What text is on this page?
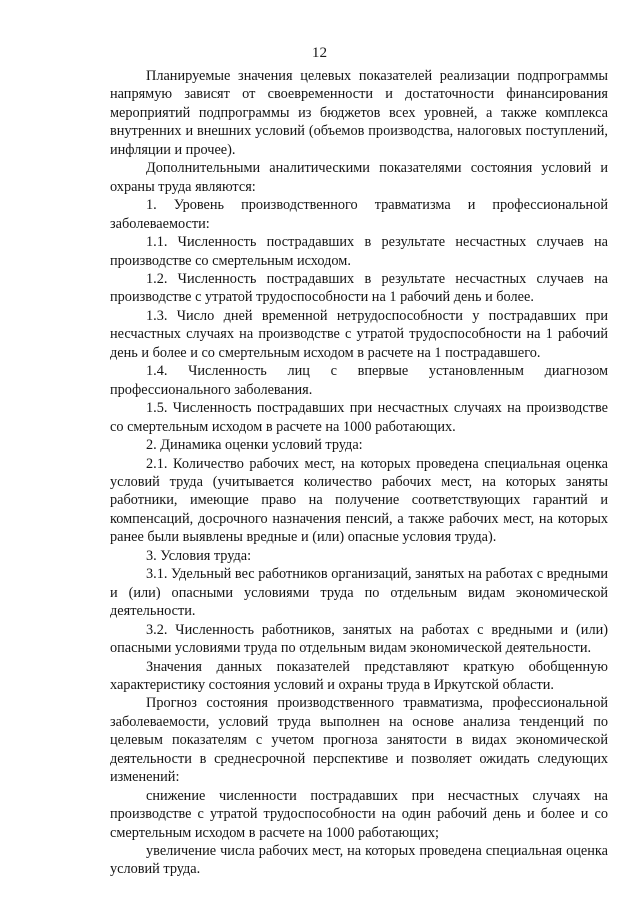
12

Планируемые значения целевых показателей реализации подпрограммы напрямую зависят от своевременности и достаточности финансирования мероприятий подпрограммы из бюджетов всех уровней, а также комплекса внутренних и внешних условий (объемов производства, налоговых поступлений, инфляции и прочее).

Дополнительными аналитическими показателями состояния условий и охраны труда являются:

1. Уровень производственного травматизма и профессиональной заболеваемости:

1.1. Численность пострадавших в результате несчастных случаев на производстве со смертельным исходом.

1.2. Численность пострадавших в результате несчастных случаев на производстве с утратой трудоспособности на 1 рабочий день и более.

1.3. Число дней временной нетрудоспособности у пострадавших при несчастных случаях на производстве с утратой трудоспособности на 1 рабочий день и более и со смертельным исходом в расчете на 1 пострадавшего.

1.4. Численность лиц с впервые установленным диагнозом профессионального заболевания.

1.5. Численность пострадавших при несчастных случаях на производстве со смертельным исходом в расчете на 1000 работающих.

2. Динамика оценки условий труда:

2.1. Количество рабочих мест, на которых проведена специальная оценка условий труда (учитывается количество рабочих мест, на которых заняты работники, имеющие право на получение соответствующих гарантий и компенсаций, досрочного назначения пенсий, а также рабочих мест, на которых ранее были выявлены вредные и (или) опасные условия труда).

3. Условия труда:

3.1. Удельный вес работников организаций, занятых на работах с вредными и (или) опасными условиями труда по отдельным видам экономической деятельности.

3.2. Численность работников, занятых на работах с вредными и (или) опасными условиями труда по отдельным видам экономической деятельности.

Значения данных показателей представляют краткую обобщенную характеристику состояния условий и охраны труда в Иркутской области.

Прогноз состояния производственного травматизма, профессиональной заболеваемости, условий труда выполнен на основе анализа тенденций по целевым показателям с учетом прогноза занятости в видах экономической деятельности в среднесрочной перспективе и позволяет ожидать следующих изменений:

снижение численности пострадавших при несчастных случаях на производстве с утратой трудоспособности на один рабочий день и более и со смертельным исходом в расчете на 1000 работающих;

увеличение числа рабочих мест, на которых проведена специальная оценка условий труда.
